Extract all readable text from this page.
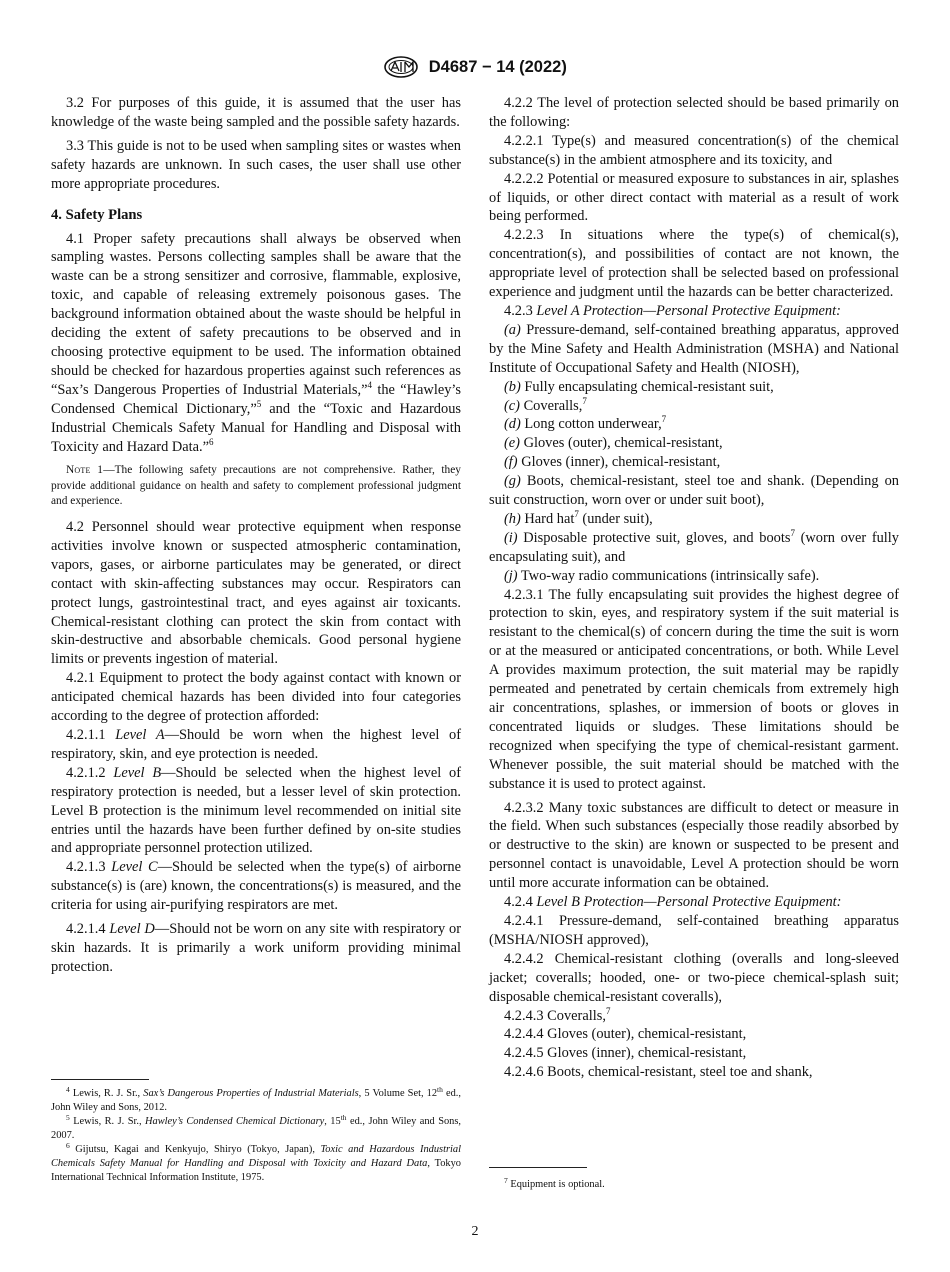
D4687 − 14 (2022)

3.2 For purposes of this guide, it is assumed that the user has knowledge of the waste being sampled and the possible safety hazards.

3.3 This guide is not to be used when sampling sites or wastes when safety hazards are unknown. In such cases, the user shall use other more appropriate procedures.

4. Safety Plans

4.1 Proper safety precautions shall always be observed when sampling wastes. Persons collecting samples shall be aware that the waste can be a strong sensitizer and corrosive, flammable, explosive, toxic, and capable of releasing extremely poisonous gases. The background information obtained about the waste should be helpful in deciding the extent of safety precautions to be observed and in choosing protective equipment to be used. The information obtained should be checked for hazardous properties against such references as “Sax’s Dangerous Properties of Industrial Materials,”$^4$ the “Hawley’s Condensed Chemical Dictionary,”$^5$ and the “Toxic and Hazardous Industrial Chemicals Safety Manual for Handling and Disposal with Toxicity and Hazard Data.”$^6$

Note 1—The following safety precautions are not comprehensive. Rather, they provide additional guidance on health and safety to complement professional judgment and experience.

4.2 Personnel should wear protective equipment when response activities involve known or suspected atmospheric contamination, vapors, gases, or airborne particulates may be generated, or direct contact with skin-affecting substances may occur. Respirators can protect lungs, gastrointestinal tract, and eyes against air toxicants. Chemical-resistant clothing can protect the skin from contact with skin-destructive and absorbable chemicals. Good personal hygiene limits or prevents ingestion of material.

4.2.1 Equipment to protect the body against contact with known or anticipated chemical hazards has been divided into four categories according to the degree of protection afforded:

4.2.1.1 Level A—Should be worn when the highest level of respiratory, skin, and eye protection is needed.

4.2.1.2 Level B—Should be selected when the highest level of respiratory protection is needed, but a lesser level of skin protection. Level B protection is the minimum level recommended on initial site entries until the hazards have been further defined by on-site studies and appropriate personnel protection utilized.

4.2.1.3 Level C—Should be selected when the type(s) of airborne substance(s) is (are) known, the concentrations(s) is measured, and the criteria for using air-purifying respirators are met.

4.2.1.4 Level D—Should not be worn on any site with respiratory or skin hazards. It is primarily a work uniform providing minimal protection.

$^4$ Lewis, R. J. Sr., Sax’s Dangerous Properties of Industrial Materials, 5 Volume Set, 12th ed., John Wiley and Sons, 2012.

$^5$ Lewis, R. J. Sr., Hawley’s Condensed Chemical Dictionary, 15th ed., John Wiley and Sons, 2007.

$^6$ Gijutsu, Kagai and Kenkyujo, Shiryo (Tokyo, Japan), Toxic and Hazardous Industrial Chemicals Safety Manual for Handling and Disposal with Toxicity and Hazard Data, Tokyo International Technical Information Institute, 1975.

4.2.2 The level of protection selected should be based primarily on the following:

4.2.2.1 Type(s) and measured concentration(s) of the chemical substance(s) in the ambient atmosphere and its toxicity, and

4.2.2.2 Potential or measured exposure to substances in air, splashes of liquids, or other direct contact with material as a result of work being performed.

4.2.2.3 In situations where the type(s) of chemical(s), concentration(s), and possibilities of contact are not known, the appropriate level of protection shall be selected based on professional experience and judgment until the hazards can be better characterized.

4.2.3 Level A Protection—Personal Protective Equipment:

(a) Pressure-demand, self-contained breathing apparatus, approved by the Mine Safety and Health Administration (MSHA) and National Institute of Occupational Safety and Health (NIOSH),

(b) Fully encapsulating chemical-resistant suit,

(c) Coveralls,$^7$

(d) Long cotton underwear,$^7$

(e) Gloves (outer), chemical-resistant,

(f) Gloves (inner), chemical-resistant,

(g) Boots, chemical-resistant, steel toe and shank. (Depending on suit construction, worn over or under suit boot),

(h) Hard hat$^7$ (under suit),

(i) Disposable protective suit, gloves, and boots$^7$ (worn over fully encapsulating suit), and

(j) Two-way radio communications (intrinsically safe).

4.2.3.1 The fully encapsulating suit provides the highest degree of protection to skin, eyes, and respiratory system if the suit material is resistant to the chemical(s) of concern during the time the suit is worn or at the measured or anticipated concentrations, or both. While Level A provides maximum protection, the suit material may be rapidly permeated and penetrated by certain chemicals from extremely high air concentrations, splashes, or immersion of boots or gloves in concentrated liquids or sludges. These limitations should be recognized when specifying the type of chemical-resistant garment. Whenever possible, the suit material should be matched with the substance it is used to protect against.

4.2.3.2 Many toxic substances are difficult to detect or measure in the field. When such substances (especially those readily absorbed by or destructive to the skin) are known or suspected to be present and personnel contact is unavoidable, Level A protection should be worn until more accurate information can be obtained.

4.2.4 Level B Protection—Personal Protective Equipment:

4.2.4.1 Pressure-demand, self-contained breathing apparatus (MSHA/NIOSH approved),

4.2.4.2 Chemical-resistant clothing (overalls and long-sleeved jacket; coveralls; hooded, one- or two-piece chemical-splash suit; disposable chemical-resistant coveralls),

4.2.4.3 Coveralls,$^7$

4.2.4.4 Gloves (outer), chemical-resistant,

4.2.4.5 Gloves (inner), chemical-resistant,

4.2.4.6 Boots, chemical-resistant, steel toe and shank,

$^7$ Equipment is optional.

2
